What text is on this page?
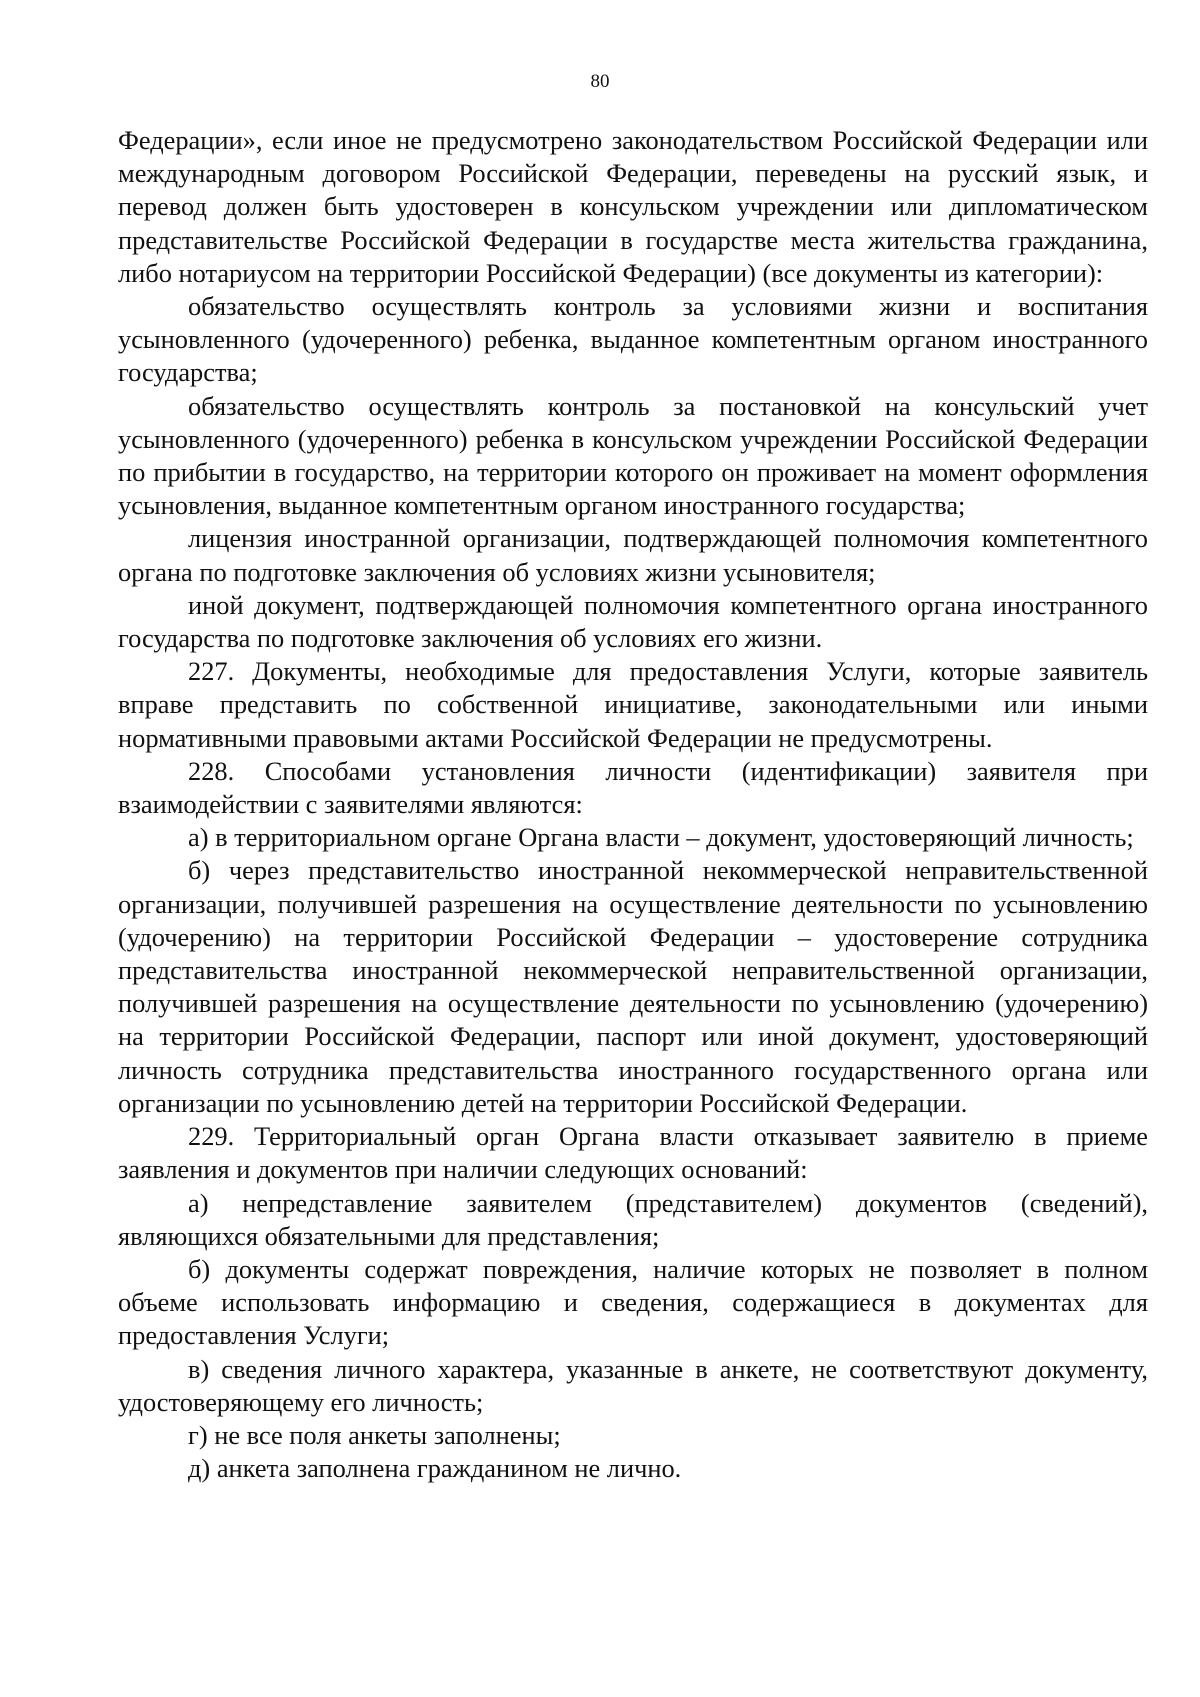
80

Федерации», если иное не предусмотрено законодательством Российской Федерации или международным договором Российской Федерации, переведены на русский язык, и перевод должен быть удостоверен в консульском учреждении или дипломатическом представительстве Российской Федерации в государстве места жительства гражданина, либо нотариусом на территории Российской Федерации) (все документы из категории):

обязательство осуществлять контроль за условиями жизни и воспитания усыновленного (удочеренного) ребенка, выданное компетентным органом иностранного государства;

обязательство осуществлять контроль за постановкой на консульский учет усыновленного (удочеренного) ребенка в консульском учреждении Российской Федерации по прибытии в государство, на территории которого он проживает на момент оформления усыновления, выданное компетентным органом иностранного государства;

лицензия иностранной организации, подтверждающей полномочия компетентного органа по подготовке заключения об условиях жизни усыновителя;

иной документ, подтверждающей полномочия компетентного органа иностранного государства по подготовке заключения об условиях его жизни.

227. Документы, необходимые для предоставления Услуги, которые заявитель вправе представить по собственной инициативе, законодательными или иными нормативными правовыми актами Российской Федерации не предусмотрены.

228. Способами установления личности (идентификации) заявителя при взаимодействии с заявителями являются:

а) в территориальном органе Органа власти – документ, удостоверяющий личность;

б) через представительство иностранной некоммерческой неправительственной организации, получившей разрешения на осуществление деятельности по усыновлению (удочерению) на территории Российской Федерации – удостоверение сотрудника представительства иностранной некоммерческой неправительственной организации, получившей разрешения на осуществление деятельности по усыновлению (удочерению) на территории Российской Федерации, паспорт или иной документ, удостоверяющий личность сотрудника представительства иностранного государственного органа или организации по усыновлению детей на территории Российской Федерации.

229. Территориальный орган Органа власти отказывает заявителю в приеме заявления и документов при наличии следующих оснований:

а) непредставление заявителем (представителем) документов (сведений), являющихся обязательными для представления;

б) документы содержат повреждения, наличие которых не позволяет в полном объеме использовать информацию и сведения, содержащиеся в документах для предоставления Услуги;

в) сведения личного характера, указанные в анкете, не соответствуют документу, удостоверяющему его личность;

г) не все поля анкеты заполнены;

д) анкета заполнена гражданином не лично.
